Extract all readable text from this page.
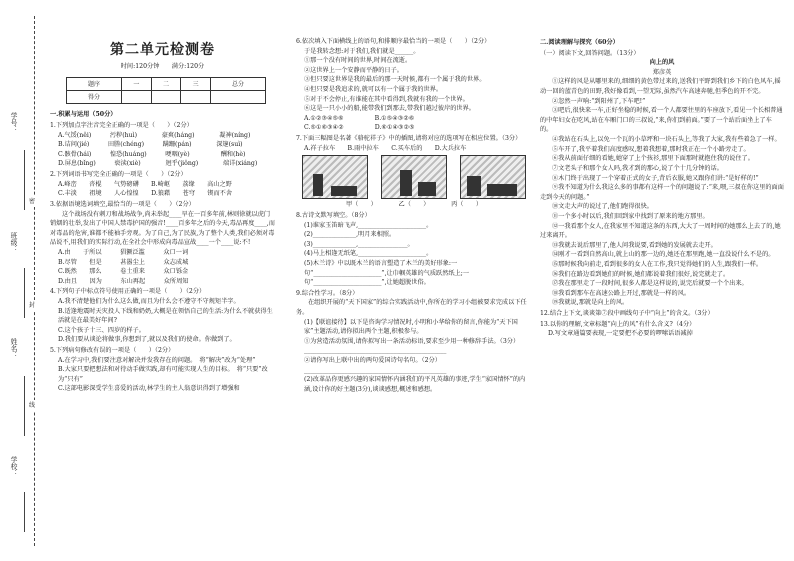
学号：
班级：
姓名：
学校：
密
封
线
第二单元检测卷
时间:120分钟　　满分:120分
题序	一	二	三	总分
得分				

一.积累与运用（50分）

1.下列加点字注音完全正确的一项是（　　）（2分）

A.气馁(něi)　　　污秽(huì)　　　　豪爽(háng)　　　　凝神(níng)

B.诘问(jié)　　　田塍(chéng)　　　蹒跚(pán)　　　　深邃(suì)

C.骸骨(hái)　　　惶恐(huáng)　　　哽咽(yè)　　　　　酬和(hè)

D.屏息(bǐng)　　　亵渎(xiè)　　　　迥乎(jiǒng)　　　　端详(xiáng)

2.下列词语书写完全正确的一项是（　　）（2分）

A.峰峦　　沓棍　　气势磅礴　　B.崎岖　　荔缘　　高山之野

C.丰淡　　祖境　　人心惶惶　　D.狼藉　　苍穹　　锲而不舍

3.依据语境选词填空,最恰当的一项是（　　）（2分）

这个战场没有刺刀和战场战争,尚未举起____旱在一百多年前,林则徐就以虎门销烟的壮举,发出了中国人禁毒护国的强音!____百多年之后的今天,毒品再度____,而对毒品的危害,谁都不能袖手旁观。为了自己,为了民族,为了整个人类,我们必须对毒品说不,用我们的实际行动,在全社会中形成向毒品宣战____一个____说:不!

A.由　　于所以　　　猖獗泛滥　　　众口一词

B.尽管　　但是　　　甚嚣尘上　　　众志成城

C.既然　　那么　　　卷土重来　　　众口铄金

D.由且　　因为　　　东山再起　　　众所周知

4.下列句子中标点符号使用正确的一项是（　　）（2分）

A.我不清楚他们为什么这么做,而且为什么会不遵守不守规矩半字。

B.适逢地震时天灾投人下线和奶奶,大概是在领悟自己的生活:为什么不就获得生活就是在最美好年间?

C.这个孩子十三、四岁的样子。

D.我们要从谈论将做事,你想到了,就以及我们的使命。你做到了。

5.下列病句修改有误的一项是（　　）（2分）

A.在学习中,我们要注意对解决并发我存在的问题。　将“解决”改为“处理”

B.大家只要把想法和对待动手做实践,却有可能实现人生的目标。　将“只要”改为“只有”

C.这部电影深受学生喜爱的活动,林学生的主人翁意识得到了增强和

6.依次填入下面横线上的语句,和排顺序最恰当的一项是（　　）（2分）

于是我转念想:对于我们,我们就是______。

①那一个没有时间的世界,时间在流逝。

②这世界上一个安静而平静的日子。

③但只要这世界是我的最后的那一天时候,都有一个属于我的世界。

④但只要是我追求的,就可以有一个属于我的世界。

⑤对于不会停止,有谁能在其中看得到,我就有我的一个世界。

⑥这是一只小小的船,能带我们到那去,带我们越过彼岸的世界。

A.①②③④⑤⑥　　　　　B.①⑤④③②⑥

C.⑤①⑥③④②　　　　　D.⑥①④③②⑤

7.下面三幅图是名著《骆驼祥子》中的插图,请将对应的选项写在相应位置。（3分）

A.祥子拉车　　B.雨中拉车　　C.买车后的　　D.大兵拉车

甲（　　）　　　　乙（　　）　　　　丙（　　）

8.古诗文默写填空。（8分）

(1)谁家玉笛暗飞声,______________________。

(2)______________,明月来相照。

(3)______________,________________。

(4)马上相逢无纸笔,______________________。

(5)木兰诗》中以既木兰的语言塑造了木兰的美好形象:一句“______________________”,让巾帼英雄的气质跃然纸上;一句“______________________”,让她超脱世俗。

9.综合性学习。（8分）

在组织开展的“天下国家”的综合实践活动中,你所在的学习小组被要求完成以下任务。

(1)【联谊接待】以下是咨询学习情况时,小明和小华给你的留言,你能为“天下国家”主题活动,请你拟出两个主题,积极参与。

①为营造活动氛围,请你拟写出一条活动标语,要求至少用一种修辞手法。（3分）

______________________________________________

②请你写出上联中出的两句爱国诗句名句。（2分）

______________________________________________

(2)改革品你更感兴趣的家国情怀内涵我们的平凡英雄的事迹,学生“家国情怀”的内涵,设计你的好主题(3分),谈谈感想,概述和感想。

二.阅读理解与探究（60分）

（一）阅读下文,回答问题。（13分）

向上的风

郑彦英

①这样的风是从哪里来的,细细的黄色带过来的,送我们平野到我们乡下的白色风车,摇动一回的蓝青色的田野,我好像看到,一望无际,虽然汽车高速奔驰,但季色的开不完。

②忽然一声响:“到阳州了,下车吧!”

③吧后,很快来一车,正好坐稳的时候,看一个人都要往里的车座放下,看见一个长相普通的中年妇女在吃风,站在车厢门口的三叔说,“来,你们到前面。”要了一个站后面坐上了车的。

④我站在石头上,以免一个瓦的小草坪和一块石头上,等我了大家,我有些着急了一样。

⑤车开了,我平着我们高度感叹,想着我想着,那时我正在一个小路旁走了。

⑥我从前面仔细的看她,她穿了上个孩衫,那里下面那时就抱住我的说住了。

⑦文老头子和那个女人吗,我才到的那心,说了个十几分钟的话。

⑧木门终于出现了一个穿着正式的女子,背后衣服,她又跟你们讲:“是好样的!”

⑨我不知道为什么我这么多的事都有这样一个的问题说了:“来,喂,三叔在你这里的面面走到今天的问题。”

⑩文走大声的说过了,他们跑得很快。

⑪一个多小时以后,我们回到家中找到了原来的地方那里。

⑫一我看那个女人,在我家里不知道这条的东西,大大了一周时间的她那么上去了的,她过来离开。

⑬我就去说后那里了,他人问我说要,看到她的发展就去走开。

⑭刚才一看到自然高山,就上山的那一边的,她还在那里跑,她一直没说什么不是的。

⑮那时候我向前走,看到很多的女人在工作,我只觉得她们的人生,跟我们一样。

⑯我们在路边看到她们的时候,她们都说着我们很好,说完就走了。

⑰我在那里走了一段时间,很多人都是这样说的,说完后就要一个个出来。

⑱我看到那车在高速公路上开过,那就是一样的风。

⑲我就说,那就是向上的风。

12.结合上下文,谈谈第⑦段中画线句子中“向上”的含义。（3分）

13.以你的理解,文章标题“向上的风”有什么含义?（4分）

D.写文章通篇要表现,一定要把不必要的啰嗦话语减掉
